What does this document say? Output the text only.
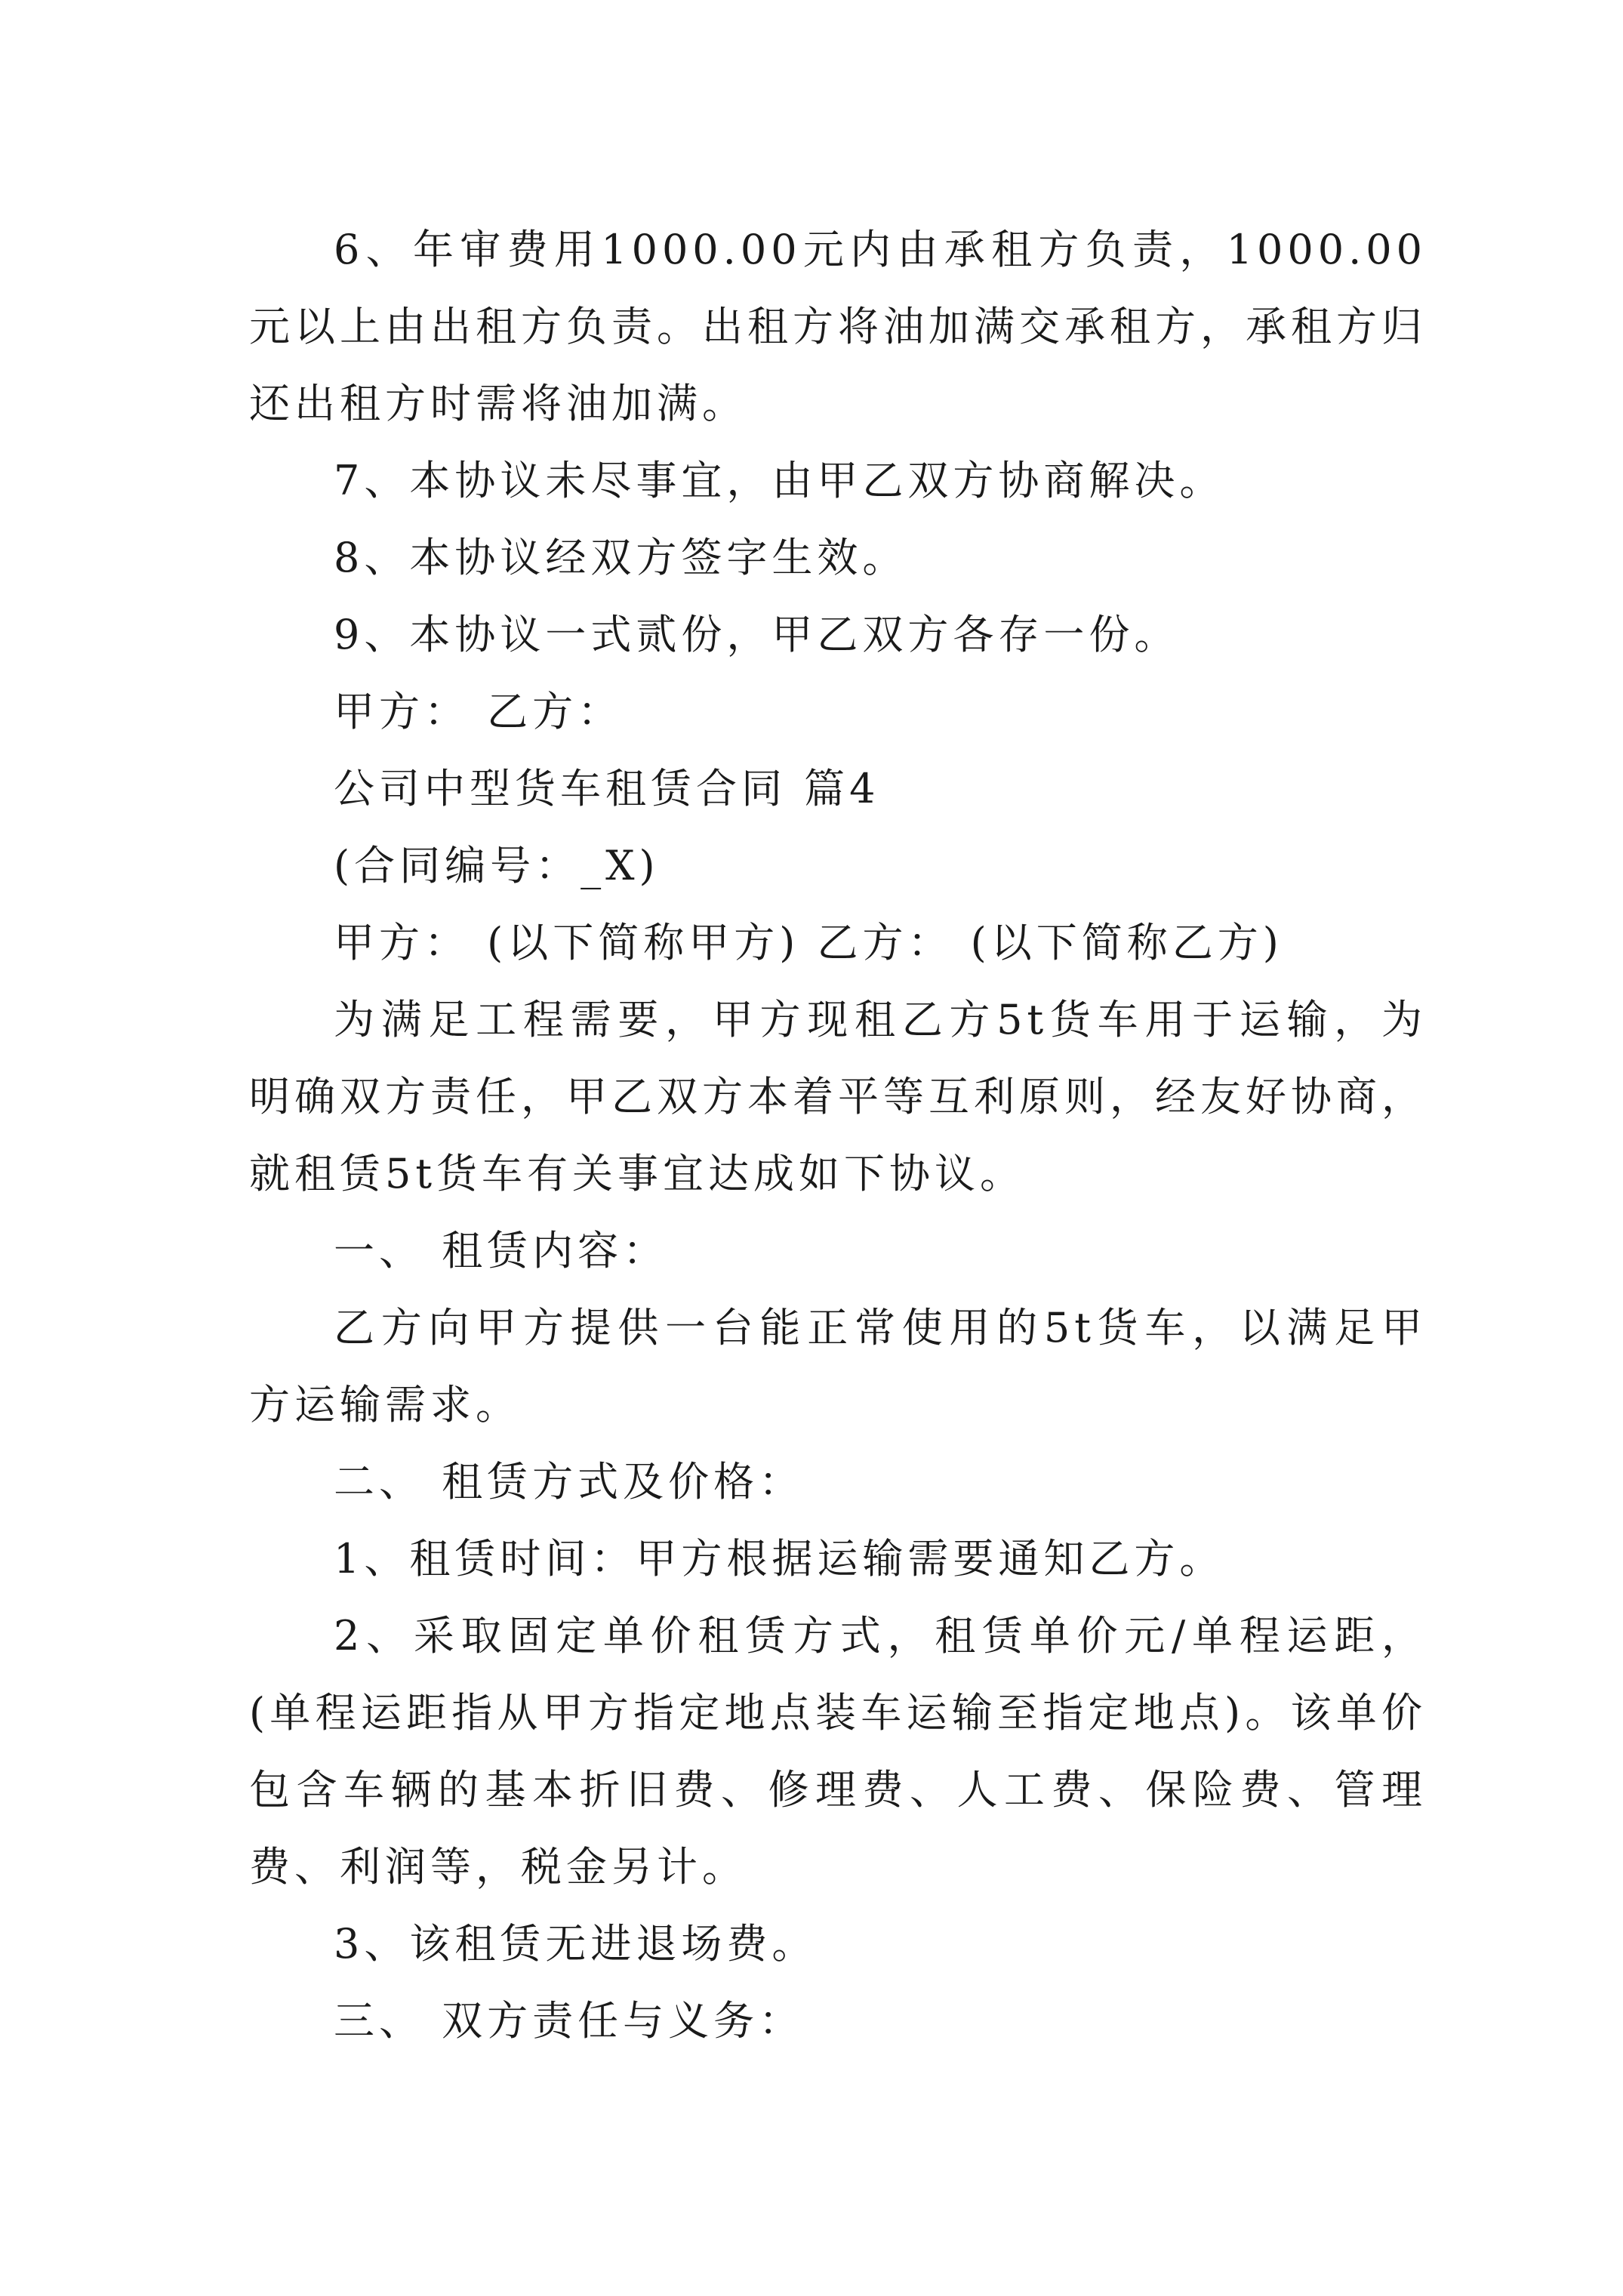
6、年审费用1000.00元内由承租方负责，1000.00元以上由出租方负责。出租方将油加满交承租方，承租方归还出租方时需将油加满。

7、本协议未尽事宜，由甲乙双方协商解决。

8、本协议经双方签字生效。

9、本协议一式贰份，甲乙双方各存一份。

甲方： 乙方：

公司中型货车租赁合同 篇4

(合同编号：_X)

甲方： (以下简称甲方) 乙方： (以下简称乙方)

为满足工程需要，甲方现租乙方5t货车用于运输，为明确双方责任，甲乙双方本着平等互利原则，经友好协商，就租赁5t货车有关事宜达成如下协议。

一、 租赁内容：

乙方向甲方提供一台能正常使用的5t货车，以满足甲方运输需求。

二、 租赁方式及价格：

1、租赁时间：甲方根据运输需要通知乙方。

2、采取固定单价租赁方式，租赁单价元/单程运距，(单程运距指从甲方指定地点装车运输至指定地点)。该单价包含车辆的基本折旧费、修理费、人工费、保险费、管理费、利润等，税金另计。

3、该租赁无进退场费。

三、 双方责任与义务：
